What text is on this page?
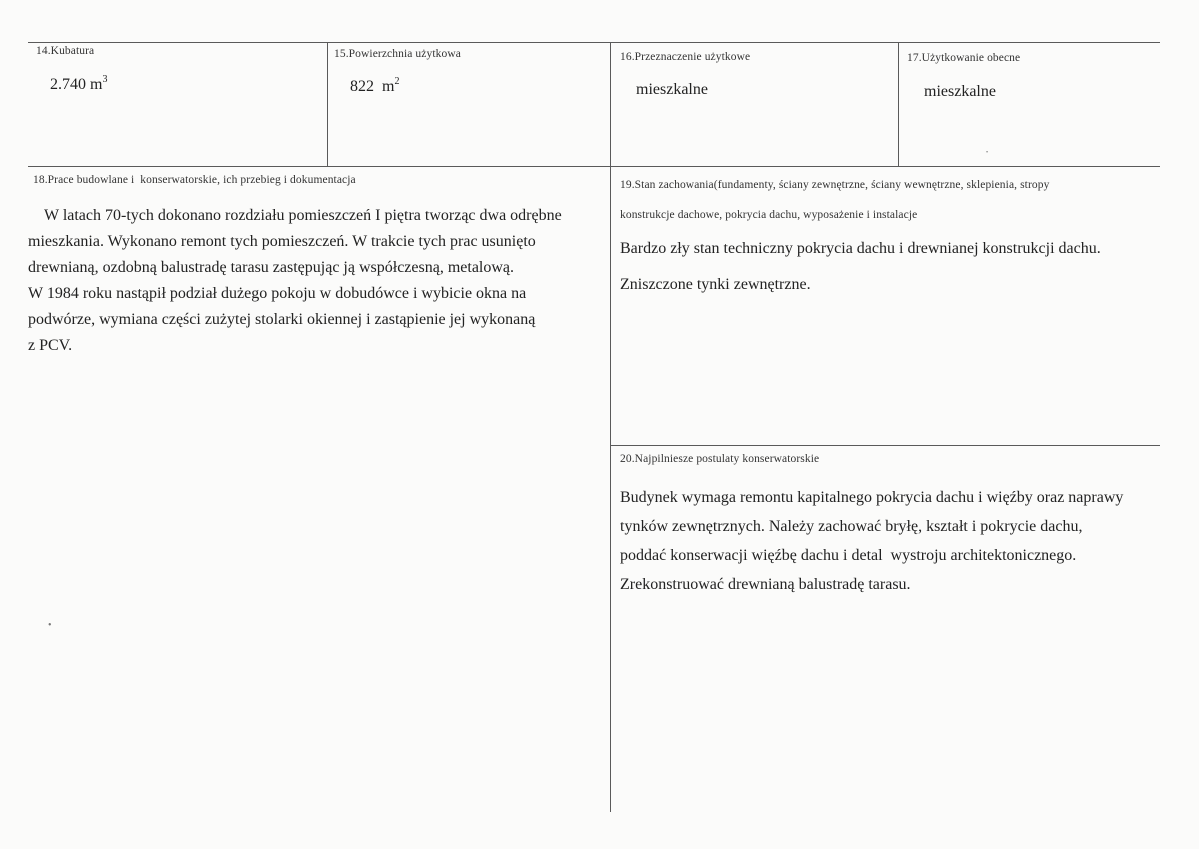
14.Kubatura
2.740 $m^3$
15.Powierzchnia użytkowa
822  $m^2$
16.Przeznaczenie użytkowe
mieszkalne
17.Użytkowanie obecne
mieszkalne
18.Prace budowlane i  konserwatorskie, ich przebieg i dokumentacja
W latach 70-tych dokonano rozdziału pomieszczeń I piętra tworząc dwa odrębne
mieszkania. Wykonano remont tych pomieszczeń. W trakcie tych prac usunięto
drewnianą, ozdobną balustradę tarasu zastępując ją współczesną, metalową.
W 1984 roku nastąpił podział dużego pokoju w dobudówce i wybicie okna na
podwórze, wymiana części zużytej stolarki okiennej i zastąpienie jej wykonaną
z PCV.
19.Stan zachowania(fundamenty, ściany zewnętrzne, ściany wewnętrzne, sklepienia, stropy
konstrukcje dachowe, pokrycia dachu, wyposażenie i instalacje
Bardzo zły stan techniczny pokrycia dachu i drewnianej konstrukcji dachu.
Zniszczone tynki zewnętrzne.
20.Najpilniesze postulaty konserwatorskie
Budynek wymaga remontu kapitalnego pokrycia dachu i więźby oraz naprawy
tynków zewnętrznych. Należy zachować bryłę, kształt i pokrycie dachu,
poddać konserwacji więźbę dachu i detal  wystroju architektonicznego.
Zrekonstruować drewnianą balustradę tarasu.
•
•
